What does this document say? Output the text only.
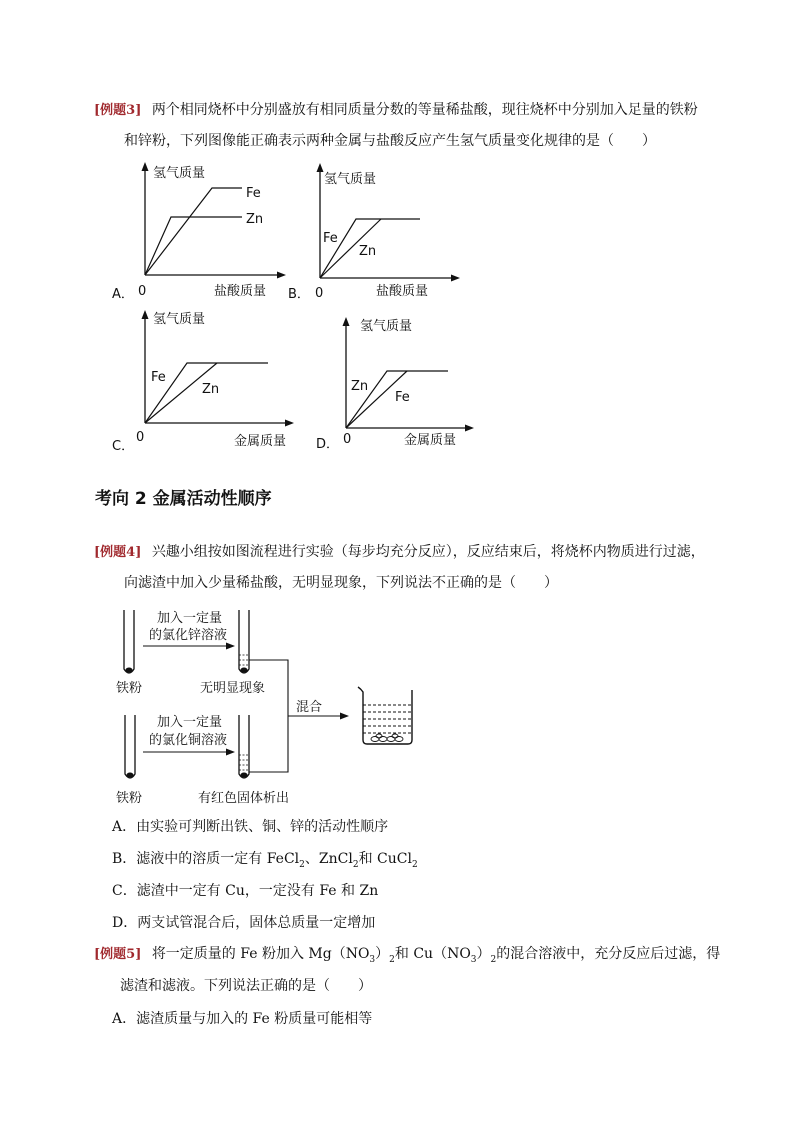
[例题3] 两个相同烧杯中分别盛放有相同质量分数的等量稀盐酸，现往烧杯中分别加入足量的铁粉
和锌粉，下列图像能正确表示两种金属与盐酸反应产生氢气质量变化规律的是（　　）
氢气质量
Fe
Zn
A． 0	盐酸质量
氢气质量
Fe
Zn
B． 0	盐酸质量
氢气质量
Fe
Zn
0
C．	金属质量
氢气质量
Zn
Fe
0
D．	金属质量
考向 2 金属活动性顺序
[例题4] 兴趣小组按如图流程进行实验（每步均充分反应），反应结束后，将烧杯内物质进行过滤，
向滤渣中加入少量稀盐酸，无明显现象，下列说法不正确的是（　　）
加入一定量
的氯化锌溶液
铁粉	无明显现象
加入一定量
的氯化铜溶液
铁粉	有红色固体析出
混合
A．由实验可判断出铁、铜、锌的活动性顺序
B．滤液中的溶质一定有 FeCl$_2$、ZnCl$_2$和 CuCl$_2$
C．滤渣中一定有 Cu，一定没有 Fe 和 Zn
D．两支试管混合后，固体总质量一定增加
[例题5] 将一定质量的 Fe 粉加入 $Mg(NO_3)_2$和 $Cu(NO_3)_2$的混合溶液中，充分反应后过滤，得
滤渣和滤液。下列说法正确的是（　　）
A．滤渣质量与加入的 Fe 粉质量可能相等
